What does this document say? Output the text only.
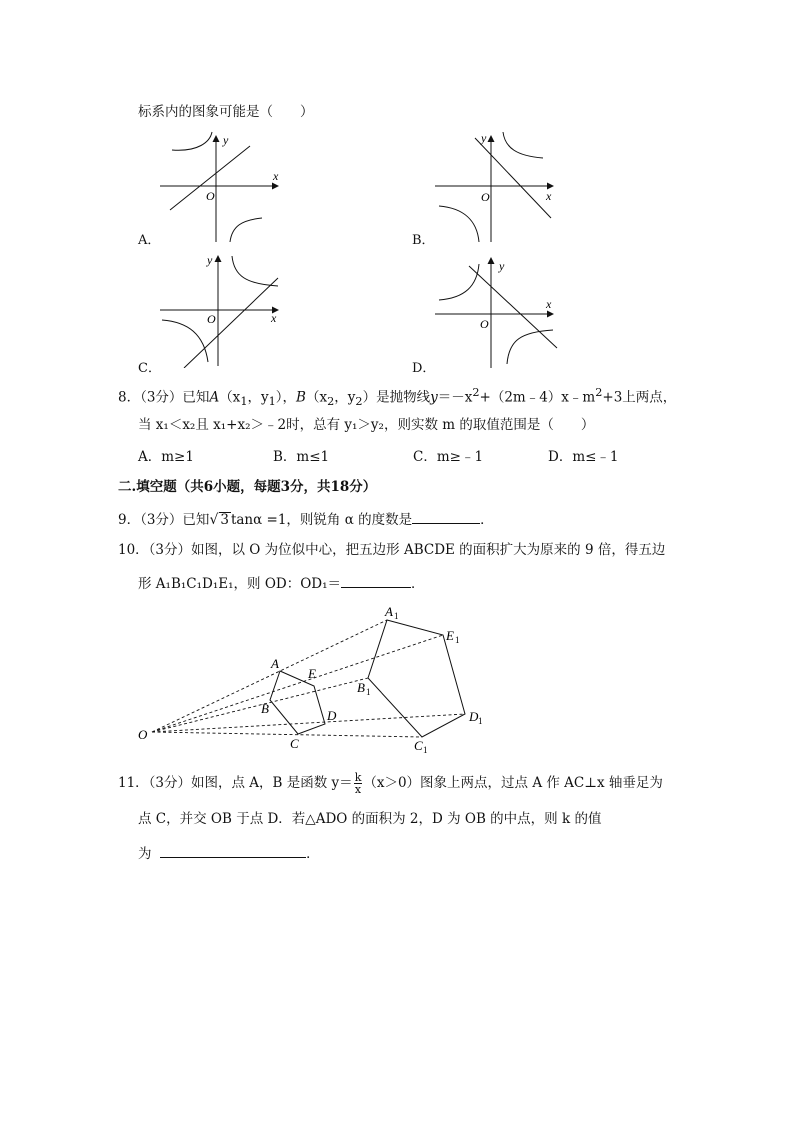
标系内的图象可能是（　　）
x
y
O
A．
x
y
O
B．
x
y
O
C．
x
y
O
D．
8．（3分）已知$A(x_1$，$y_1$），$B(x_2$，$y_2$）是抛物线$y=-x^2+(2m﹣4)x﹣m^2+3$上两点，
当 x₁＜x₂且 x₁+x₂＞﹣2时，总有 y₁＞y₂，则实数 m 的取值范围是（　　）
A．m≥1	B．m≤1	C．m≥﹣1	D．m≤﹣1
二.填空题（共6小题，每题3分，共18分）
9．（3分）已知√ 3 tanα =1，则锐角 α 的度数是	．
10．（3分）如图，以 O 为位似中心，把五边形 ABCDE 的面积扩大为原来的 9 倍，得五边
形 A₁B₁C₁D₁E₁，则 OD：OD₁＝	．
O
A
B
C
D
E
A 1
B 1
C 1
D 1
E 1
11．（3分）如图，点 A，B 是函数 $y= \frac{k}{x} (x>0)$图象上两点，过点 A 作 AC⊥x 轴垂足为
点 C，并交 OB 于点 D．若△ADO 的面积为 2，D 为 OB 的中点，则 k 的值
为	．
